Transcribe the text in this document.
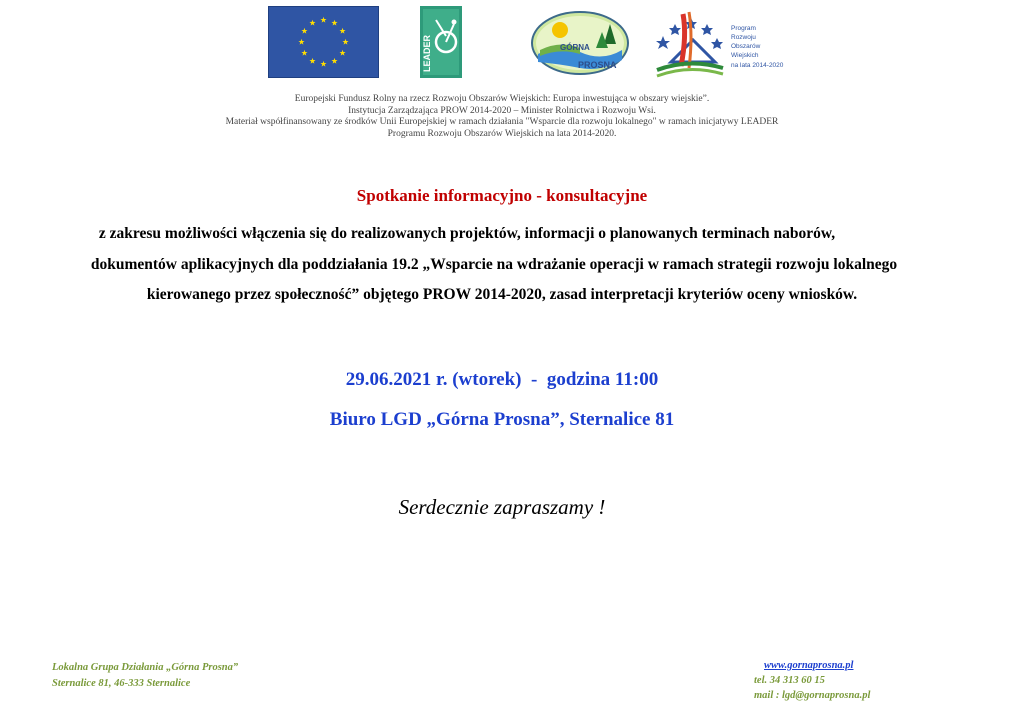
LEADER	GÓRNA
PROSNA
Program
Rozwoju
Obszarów
Wiejskich
na lata 2014-2020
Europejski Fundusz Rolny na rzecz Rozwoju Obszarów Wiejskich: Europa inwestująca w obszary wiejskie”.
Instytucja Zarządzająca PROW 2014-2020 – Minister Rolnictwa i Rozwoju Wsi.
Materiał współfinansowany ze środków Unii Europejskiej w ramach działania "Wsparcie dla rozwoju lokalnego" w ramach inicjatywy LEADER
Programu Rozwoju Obszarów Wiejskich na lata 2014-2020.
Spotkanie informacyjno - konsultacyjne
z zakresu możliwości włączenia się do realizowanych projektów, informacji o planowanych terminach naborów,
dokumentów aplikacyjnych dla poddziałania 19.2 „Wsparcie na wdrażanie operacji w ramach strategii rozwoju lokalnego
kierowanego przez społeczność” objętego PROW 2014-2020, zasad interpretacji kryteriów oceny wniosków.
29.06.2021 r. (wtorek)  -  godzina 11:00
Biuro LGD „Górna Prosna”, Sternalice 81
Serdecznie zapraszamy !
Lokalna Grupa Działania „Górna Prosna”
Sternalice 81, 46-333 Sternalice
www.gornaprosna.pl
tel. 34 313 60 15
mail : lgd@gornaprosna.pl
